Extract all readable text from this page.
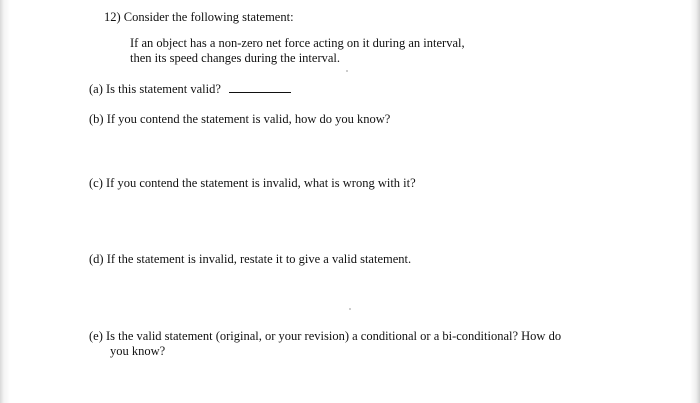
12) Consider the following statement:
If an object has a non-zero net force acting on it during an interval,
then its speed changes during the interval.
(a) Is this statement valid?
(b) If you contend the statement is valid, how do you know?
(c) If you contend the statement is invalid, what is wrong with it?
(d) If the statement is invalid, restate it to give a valid statement.
(e) Is the valid statement (original, or your revision) a conditional or a bi-conditional? How do
you know?
